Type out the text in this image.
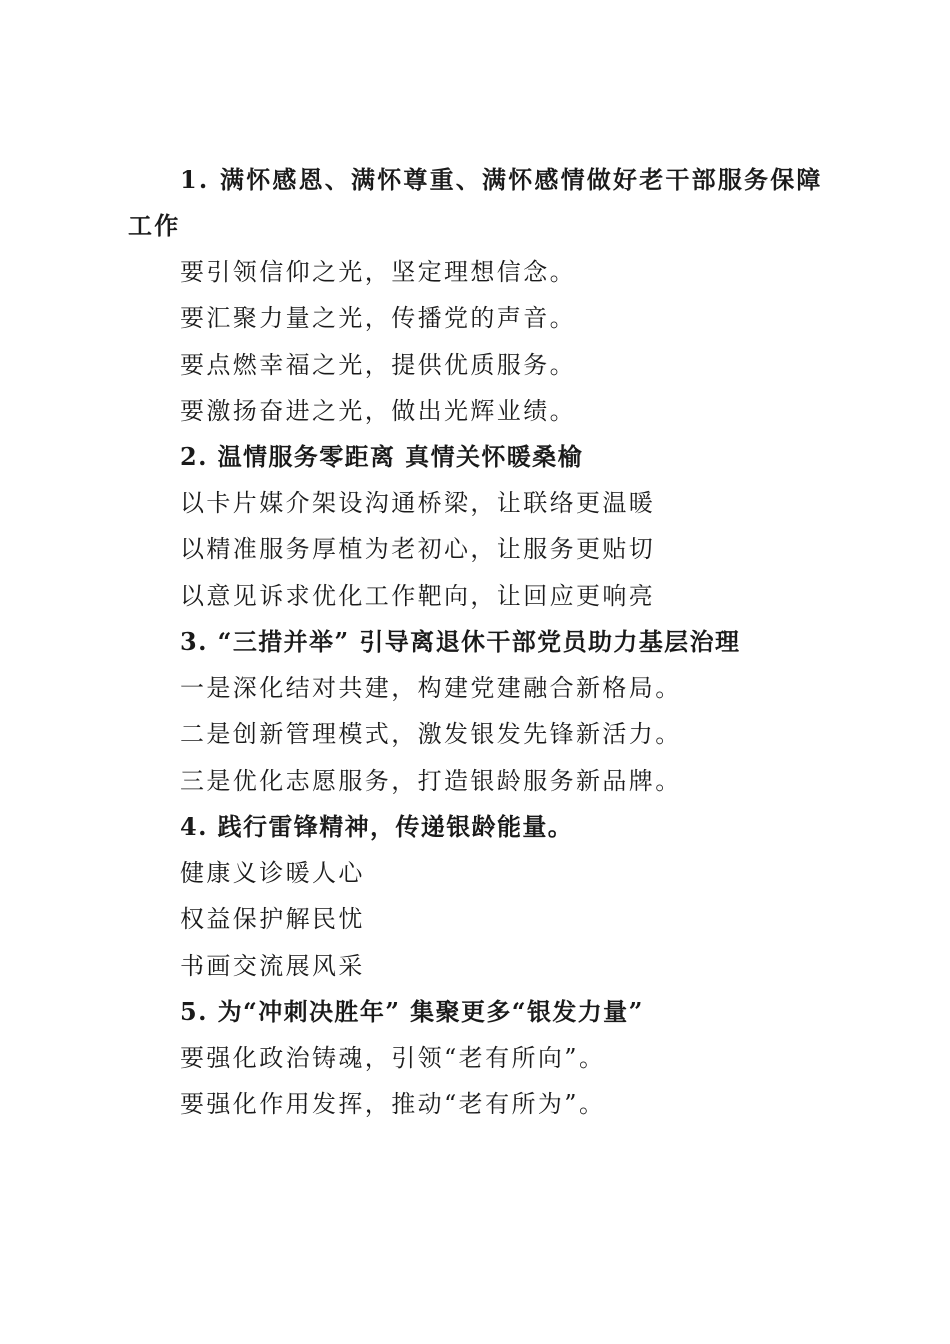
1. 满怀感恩、满怀尊重、满怀感情做好老干部服务保障工作

要引领信仰之光，坚定理想信念。

要汇聚力量之光，传播党的声音。

要点燃幸福之光，提供优质服务。

要激扬奋进之光，做出光辉业绩。

2. 温情服务零距离 真情关怀暖桑榆

以卡片媒介架设沟通桥梁，让联络更温暖

以精准服务厚植为老初心，让服务更贴切

以意见诉求优化工作靶向，让回应更响亮

3. “三措并举” 引导离退休干部党员助力基层治理

一是深化结对共建，构建党建融合新格局。

二是创新管理模式，激发银发先锋新活力。

三是优化志愿服务，打造银龄服务新品牌。

4. 践行雷锋精神，传递银龄能量。

健康义诊暖人心

权益保护解民忧

书画交流展风采

5. 为“冲刺决胜年” 集聚更多“银发力量”

要强化政治铸魂，引领“老有所向”。

要强化作用发挥，推动“老有所为”。
